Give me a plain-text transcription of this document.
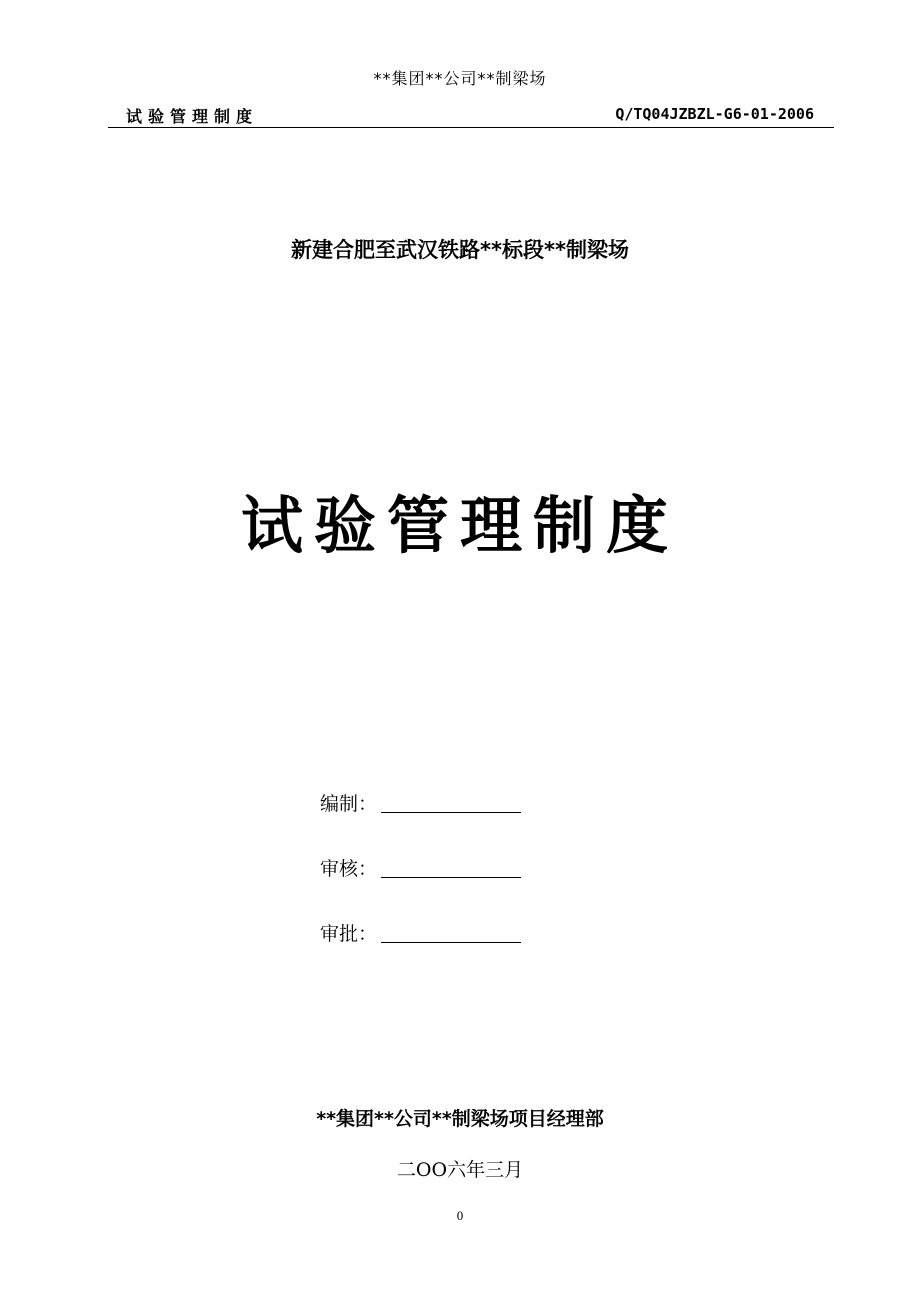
**集团**公司**制梁场
试验管理制度	Q/TQ04JZBZL-G6-01-2006
新建合肥至武汉铁路**标段**制梁场
试验管理制度
编制：
审核：
审批：
**集团**公司**制梁场项目经理部
二OO六年三月
0
